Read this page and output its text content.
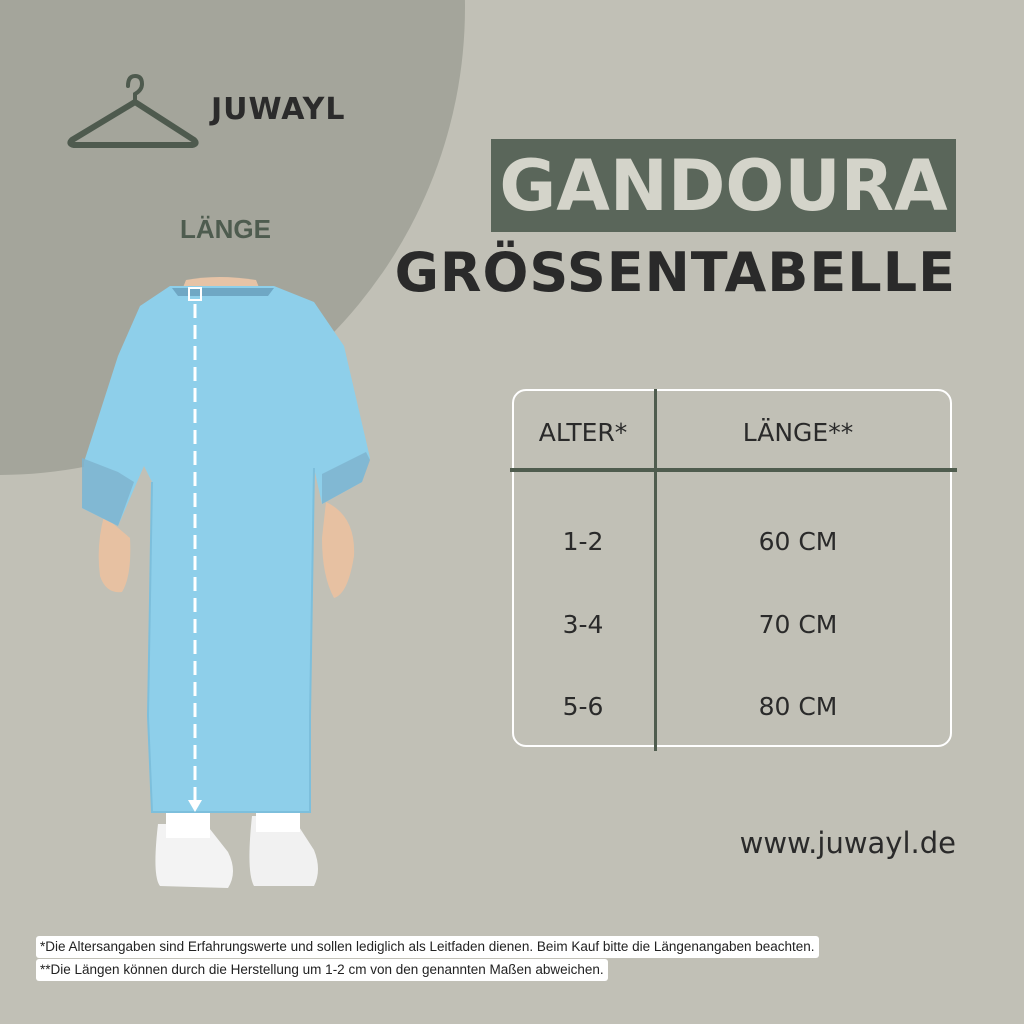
JUWAYL
LÄNGE
GANDOURA
GRÖSSENTABELLE
ALTER*	LÄNGE**
1-2	60 CM
3-4	70 CM
5-6	80 CM
www.juwayl.de
*Die Altersangaben sind Erfahrungswerte und sollen lediglich als Leitfaden dienen. Beim Kauf bitte die Längenangaben beachten.
**Die Längen können durch die Herstellung um 1-2 cm von den genannten Maßen abweichen.
